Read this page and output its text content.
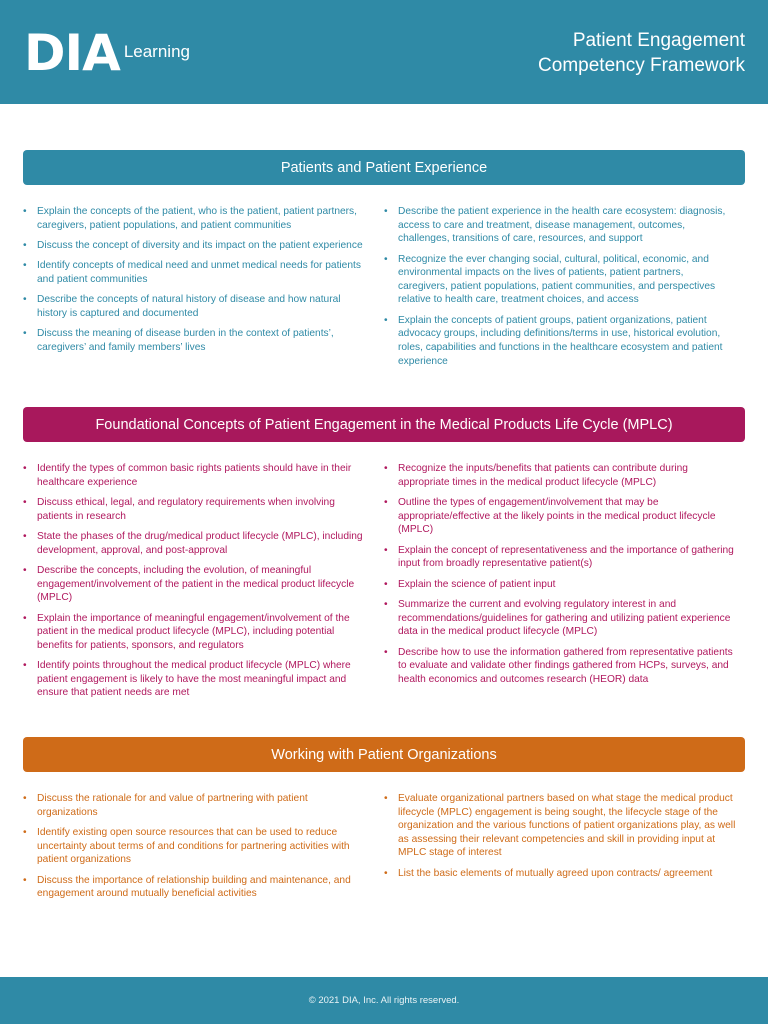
DIA Learning
Patient Engagement
Competency Framework
Patients and Patient Experience
• Explain the concepts of the patient, who is the patient, patient partners, caregivers, patient populations, and patient communities
• Discuss the concept of diversity and its impact on the patient experience
• Identify concepts of medical need and unmet medical needs for patients and patient communities
• Describe the concepts of natural history of disease and how natural history is captured and documented
• Discuss the meaning of disease burden in the context of patients’, caregivers’ and family members’ lives
• Describe the patient experience in the health care ecosystem: diagnosis, access to care and treatment, disease management, outcomes, challenges, transitions of care, resources, and support
• Recognize the ever changing social, cultural, political, economic, and environmental impacts on the lives of patients, patient partners, caregivers, patient populations, patient communities, and perspectives relative to health care, treatment choices, and access
• Explain the concepts of patient groups, patient organizations, patient advocacy groups, including definitions/terms in use, historical evolution, roles, capabilities and functions in the healthcare ecosystem and patient experience
Foundational Concepts of Patient Engagement in the Medical Products Life Cycle (MPLC)
• Identify the types of common basic rights patients should have in their healthcare experience
• Discuss ethical, legal, and regulatory requirements when involving patients in research
• State the phases of the drug/medical product lifecycle (MPLC), including development, approval, and post-approval
• Describe the concepts, including the evolution, of meaningful engagement/involvement of the patient in the medical product lifecycle (MPLC)
• Explain the importance of meaningful engagement/involvement of the patient in the medical product lifecycle (MPLC), including potential benefits for patients, sponsors, and regulators
• Identify points throughout the medical product lifecycle (MPLC) where patient engagement is likely to have the most meaningful impact and ensure that patient needs are met
• Recognize the inputs/benefits that patients can contribute during appropriate times in the medical product lifecycle (MPLC)
• Outline the types of engagement/involvement that may be appropriate/effective at the likely points in the medical product lifecycle (MPLC)
• Explain the concept of representativeness and the importance of gathering input from broadly representative patient(s)
• Explain the science of patient input
• Summarize the current and evolving regulatory interest in and recommendations/guidelines for gathering and utilizing patient experience data in the medical product lifecycle (MPLC)
• Describe how to use the information gathered from representative patients to evaluate and validate other findings gathered from HCPs, surveys, and health economics and outcomes research (HEOR) data
Working with Patient Organizations
• Discuss the rationale for and value of partnering with patient organizations
• Identify existing open source resources that can be used to reduce uncertainty about terms of and conditions for partnering activities with patient organizations
• Discuss the importance of relationship building and maintenance, and engagement around mutually beneficial activities
• Evaluate organizational partners based on what stage the medical product lifecycle (MPLC) engagement is being sought, the lifecycle stage of the organization and the various functions of patient organizations play, as well as assessing their relevant competencies and skill in providing input at MPLC stage of interest
• List the basic elements of mutually agreed upon contracts/ agreement
© 2021 DIA, Inc. All rights reserved.
